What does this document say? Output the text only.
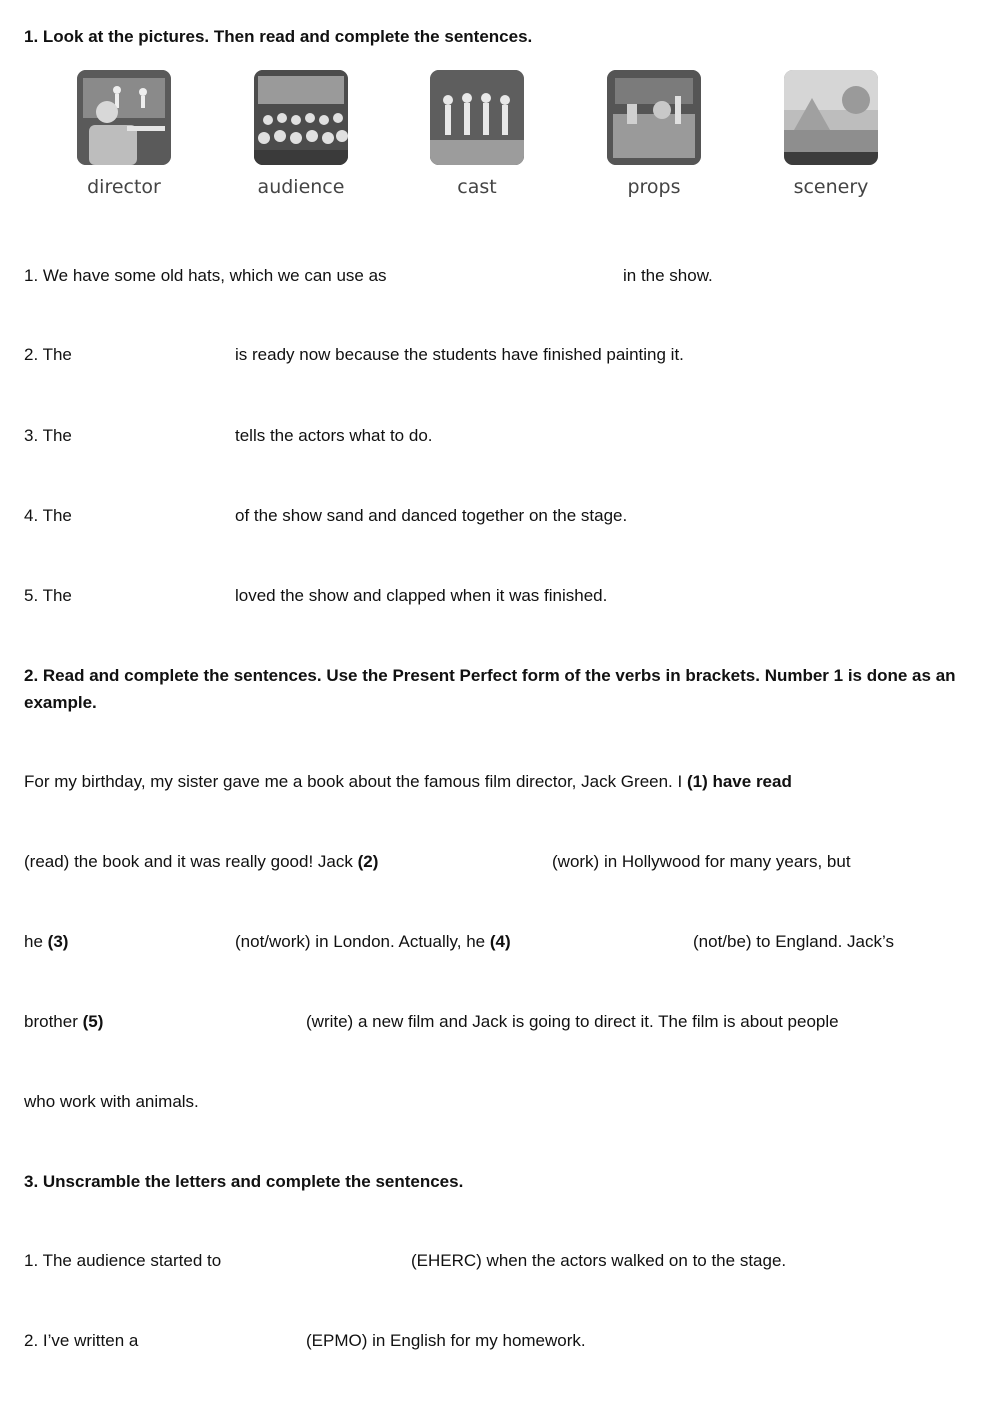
1. Look at the pictures. Then read and complete the sentences.
director	audience	cast	props	scenery
1. We have some old hats, which we can use as	in the show.
2. The	is ready now because the students have finished painting it.
3. The	tells the actors what to do.
4. The	of the show sand and danced together on the stage.
5. The	loved the show and clapped when it was finished.
2. Read and complete the sentences. Use the Present Perfect form of the verbs in brackets. Number 1 is done as an example.
For my birthday, my sister gave me a book about the famous film director, Jack Green. I (1) have read
(read) the book and it was really good! Jack (2)	(work) in Hollywood for many years, but
he (3)	(not/work) in London. Actually, he (4)	(not/be) to England. Jack’s
brother (5)	(write) a new film and Jack is going to direct it. The film is about people
who work with animals.
3. Unscramble the letters and complete the sentences.
1. The audience started to	(EHERC) when the actors walked on to the stage.
2. I’ve written a	(EPMO) in English for my homework.
